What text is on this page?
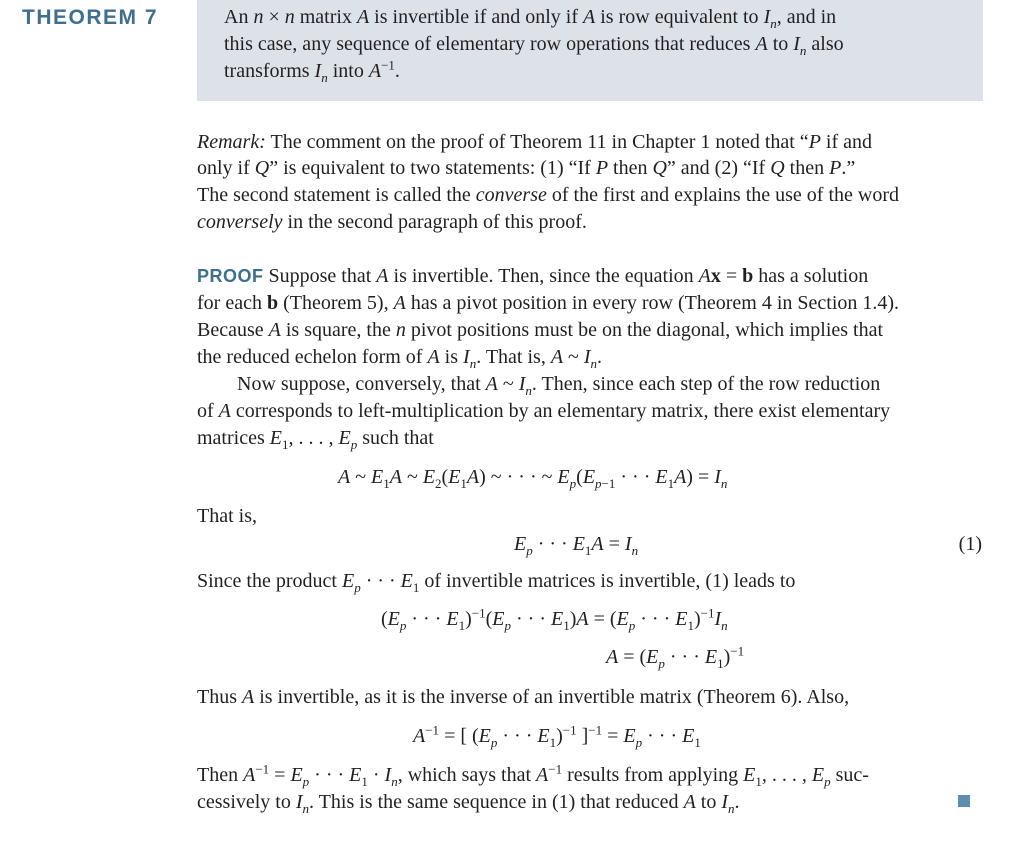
THEOREM 7	An n × n matrix A is invertible if and only if A is row equivalent to $I_n$, and in
this case, any sequence of elementary row operations that reduces A to $I_n$ also
transforms $I_n$ into $A^{-1}$.
Remark: The comment on the proof of Theorem 11 in Chapter 1 noted that “P if and
only if Q” is equivalent to two statements: (1) “If P then Q” and (2) “If Q then P.”
The second statement is called the converse of the first and explains the use of the word
conversely in the second paragraph of this proof.
PROOF Suppose that A is invertible. Then, since the equation Ax = b has a solution
for each b (Theorem 5), A has a pivot position in every row (Theorem 4 in Section 1.4).
Because A is square, the n pivot positions must be on the diagonal, which implies that
the reduced echelon form of A is $I_n$. That is, A ~ $I_n$.
Now suppose, conversely, that A ~ $I_n$. Then, since each step of the row reduction
of A corresponds to left-multiplication by an elementary matrix, there exist elementary
matrices $E_1$, . . . , $E_p$ such that
A ~ $E_1A$ ~ $E_2(E_1A)$ ~ · · · ~ $E_p(E_{p-1}$ · · · $E_1A) = I_n$
That is,
$E_p$ · · · $E_1A = I_n$	(1)
Since the product $E_p$ · · · $E_1$ of invertible matrices is invertible, (1) leads to
($E_p$ · · · $E_1)^{-1}(E_p$ · · · $E_1)A = (E_p$ · · · $E_1)^{-1}I_n$
$A = (E_p$ · · · $E_1)^{-1}$
Thus A is invertible, as it is the inverse of an invertible matrix (Theorem 6). Also,
$A^{-1}$ = [ ($E_p$ · · · $E_1)^{-1}$ ]$^{-1} = E_p$ · · · $E_1$
Then $A^{-1} = E_p$ · · · $E_1 \cdot I_n$, which says that $A^{-1}$ results from applying $E_1$, . . . , $E_p$ suc-
cessively to $I_n$. This is the same sequence in (1) that reduced A to $I_n$.
